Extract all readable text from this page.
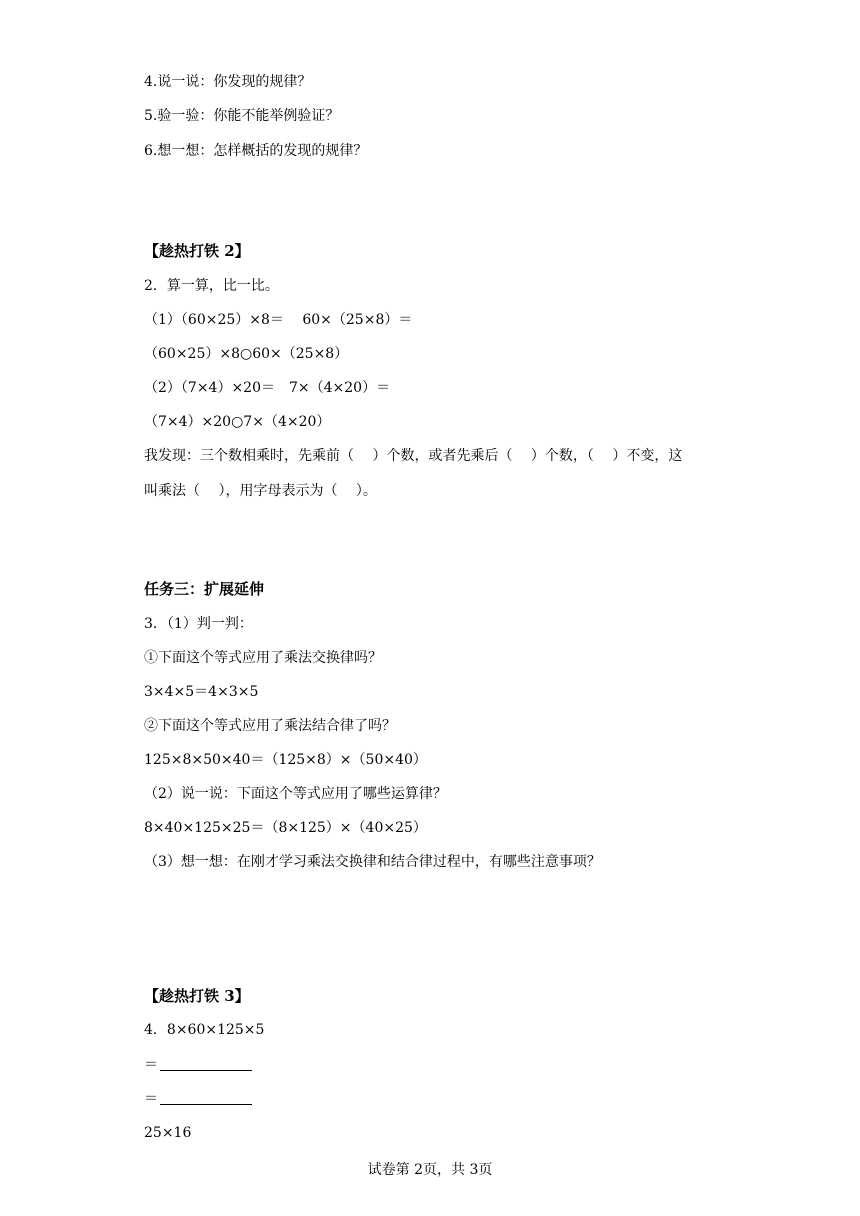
4.说一说：你发现的规律？
5.验一验：你能不能举例验证？
6.想一想：怎样概括的发现的规律？
【趁热打铁 2】
2．算一算，比一比。
（1）（60×25）×8＝　 60×（25×8）＝
（60×25）×8○60×（25×8）
（2）（7×4）×20＝　7×（4×20）＝
（7×4）×20○7×（4×20）
我发现：三个数相乘时，先乘前（　 ）个数，或者先乘后（　 ）个数，（　 ）不变，这
叫乘法（　 ），用字母表示为（　 ）。
任务三：扩展延伸
3．（1）判一判：
①下面这个等式应用了乘法交换律吗？
3×4×5＝4×3×5
②下面这个等式应用了乘法结合律了吗？
125×8×50×40＝（125×8）×（50×40）
（2）说一说：下面这个等式应用了哪些运算律？
8×40×125×25＝（8×125）×（40×25）
（3）想一想：在刚才学习乘法交换律和结合律过程中，有哪些注意事项？
【趁热打铁 3】
4．8×60×125×5
＝
＝
25×16
试卷第 2页，共 3页
